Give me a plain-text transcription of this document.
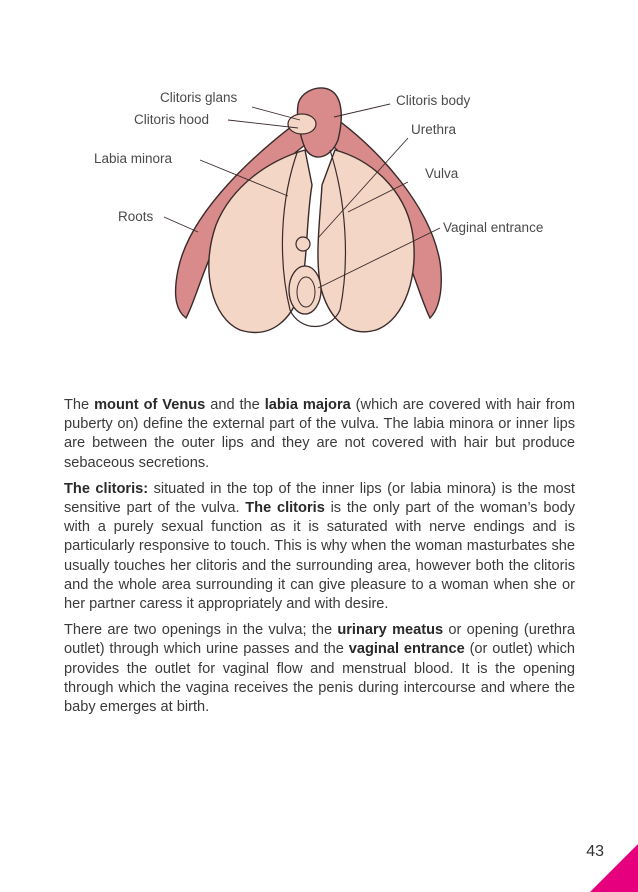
Clitoris glans
Clitoris hood
Labia minora
Roots
Clitoris body
Urethra
Vulva
Vaginal entrance

The mount of Venus and the labia majora (which are covered with hair from puberty on) define the external part of the vulva. The labia minora or inner lips are between the outer lips and they are not covered with hair but produce sebaceous secretions.

The clitoris: situated in the top of the inner lips (or labia minora) is the most sensitive part of the vulva. The clitoris is the only part of the woman’s body with a purely sexual function as it is saturated with nerve endings and is particularly responsive to touch. This is why when the woman masturbates she usually touches her clitoris and the surrounding area, however both the clitoris and the whole area surrounding it can give pleasure to a woman when she or her partner caress it appropriately and with desire.

There are two openings in the vulva; the urinary meatus or opening (urethra outlet) through which urine passes and the vaginal entrance (or outlet) which provides the outlet for vaginal flow and menstrual blood. It is the opening through which the vagina receives the penis during intercourse and where the baby emerges at birth.

43
